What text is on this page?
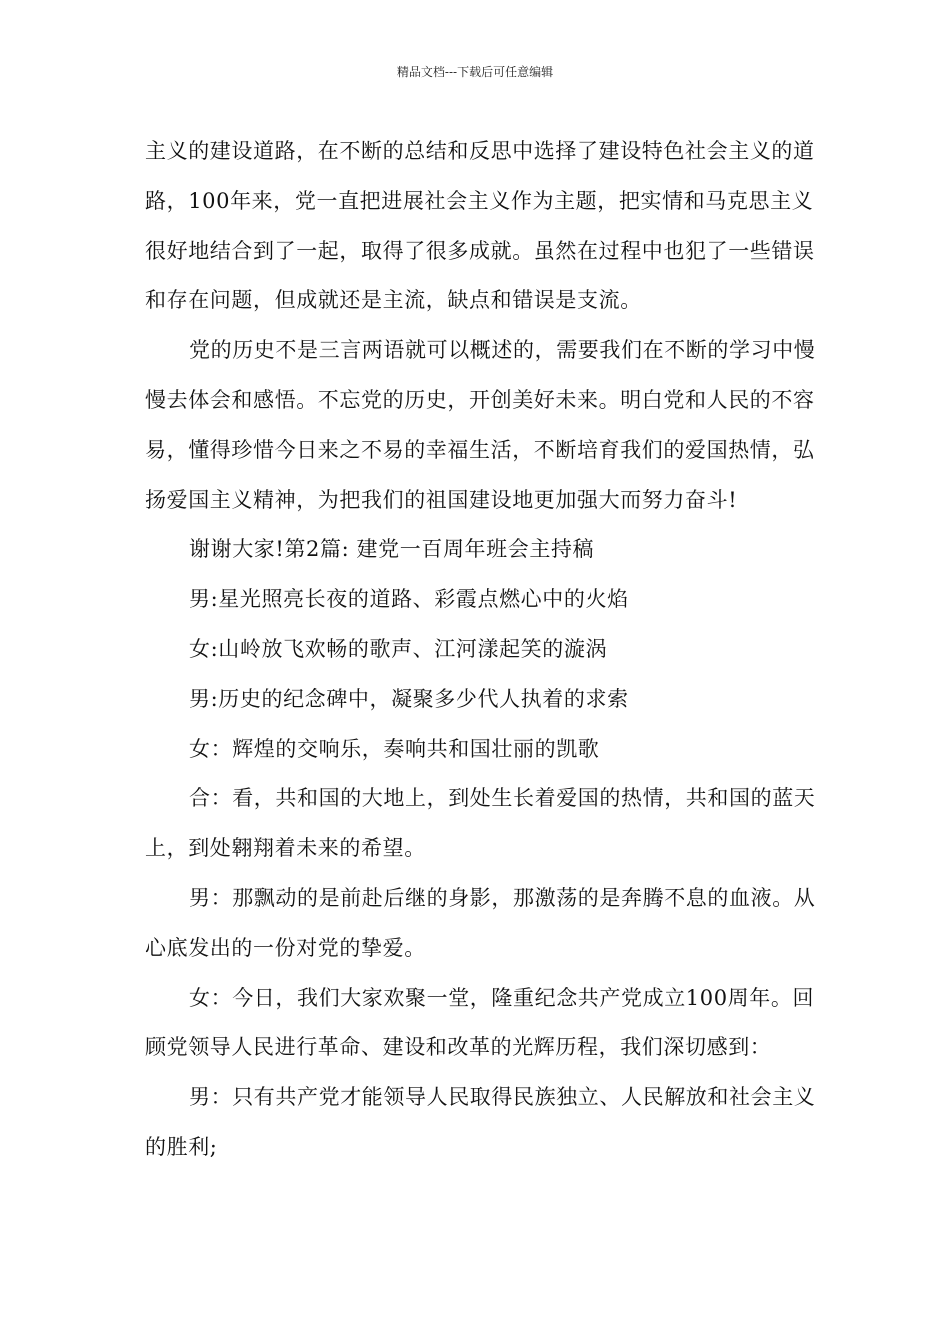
精品文档---下载后可任意编辑

主义的建设道路，在不断的总结和反思中选择了建设特色社会主义的道路，100年来，党一直把进展社会主义作为主题，把实情和马克思主义很好地结合到了一起，取得了很多成就。虽然在过程中也犯了一些错误和存在问题，但成就还是主流，缺点和错误是支流。

党的历史不是三言两语就可以概述的，需要我们在不断的学习中慢慢去体会和感悟。不忘党的历史，开创美好未来。明白党和人民的不容易，懂得珍惜今日来之不易的幸福生活，不断培育我们的爱国热情，弘扬爱国主义精神，为把我们的祖国建设地更加强大而努力奋斗!

谢谢大家!第2篇: 建党一百周年班会主持稿

男:星光照亮长夜的道路、彩霞点燃心中的火焰

女:山岭放飞欢畅的歌声、江河漾起笑的漩涡

男:历史的纪念碑中，凝聚多少代人执着的求索

女：辉煌的交响乐，奏响共和国壮丽的凯歌

合：看，共和国的大地上，到处生长着爱国的热情，共和国的蓝天上，到处翱翔着未来的希望。

男：那飘动的是前赴后继的身影，那激荡的是奔腾不息的血液。从心底发出的一份对党的挚爱。

女：今日，我们大家欢聚一堂，隆重纪念共产党成立100周年。回顾党领导人民进行革命、建设和改革的光辉历程，我们深切感到：

男：只有共产党才能领导人民取得民族独立、人民解放和社会主义的胜利;
